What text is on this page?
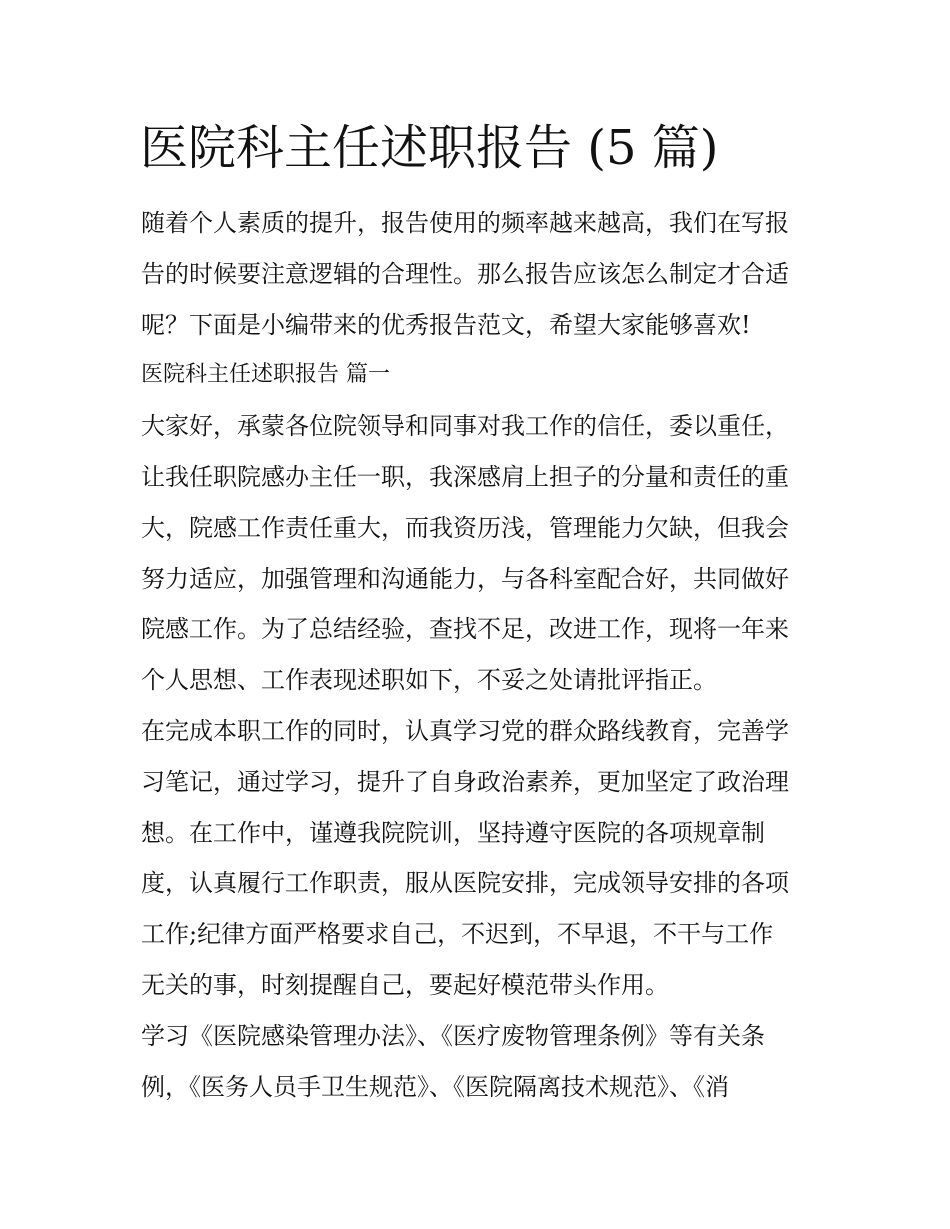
医院科主任述职报告 (5 篇)
随着个人素质的提升，报告使用的频率越来越高，我们在写报
告的时候要注意逻辑的合理性。那么报告应该怎么制定才合适
呢？下面是小编带来的优秀报告范文，希望大家能够喜欢!
医院科主任述职报告 篇一
大家好，承蒙各位院领导和同事对我工作的信任，委以重任，
让我任职院感办主任一职，我深感肩上担子的分量和责任的重
大，院感工作责任重大，而我资历浅，管理能力欠缺，但我会
努力适应，加强管理和沟通能力，与各科室配合好，共同做好
院感工作。为了总结经验，查找不足，改进工作，现将一年来
个人思想、工作表现述职如下，不妥之处请批评指正。
在完成本职工作的同时，认真学习党的群众路线教育，完善学
习笔记，通过学习，提升了自身政治素养，更加坚定了政治理
想。在工作中，谨遵我院院训，坚持遵守医院的各项规章制
度，认真履行工作职责，服从医院安排，完成领导安排的各项
工作;纪律方面严格要求自己，不迟到，不早退，不干与工作
无关的事，时刻提醒自己，要起好模范带头作用。
学习《医院感染管理办法》、《医疗废物管理条例》等有关条
例，《医务人员手卫生规范》、《医院隔离技术规范》、《消
